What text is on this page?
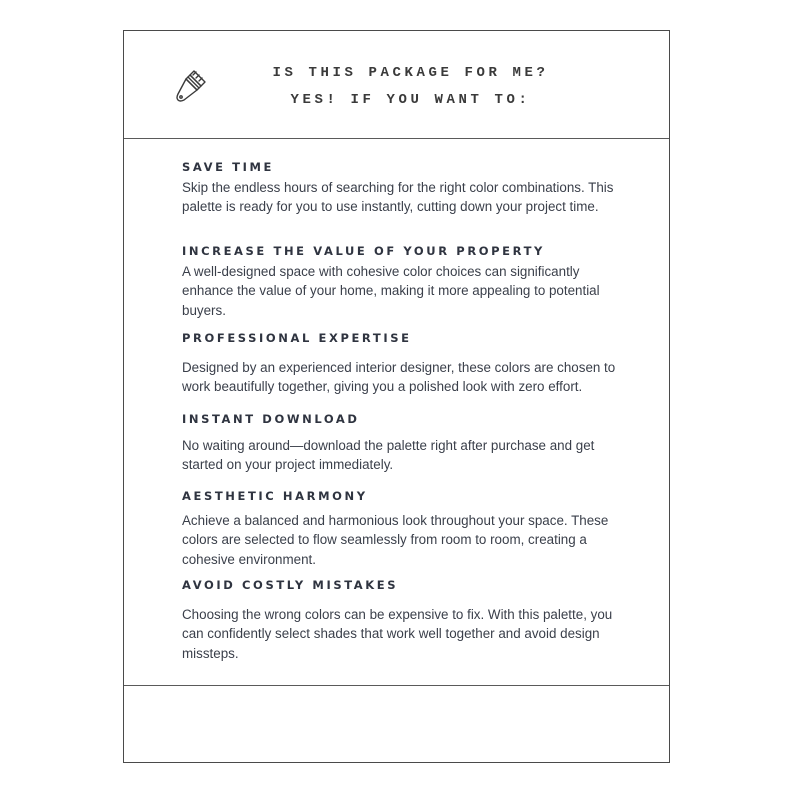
IS THIS PACKAGE FOR ME?
YES! IF YOU WANT TO:
SAVE TIME
Skip the endless hours of searching for the right color combinations. This palette is ready for you to use instantly, cutting down your project time.
INCREASE THE VALUE OF YOUR PROPERTY
A well-designed space with cohesive color choices can significantly enhance the value of your home, making it more appealing to potential buyers.
PROFESSIONAL EXPERTISE
Designed by an experienced interior designer, these colors are chosen to work beautifully together, giving you a polished look with zero effort.
INSTANT DOWNLOAD
No waiting around—download the palette right after purchase and get started on your project immediately.
AESTHETIC HARMONY
Achieve a balanced and harmonious look throughout your space. These colors are selected to flow seamlessly from room to room, creating a cohesive environment.
AVOID COSTLY MISTAKES
Choosing the wrong colors can be expensive to fix. With this palette, you can confidently select shades that work well together and avoid design missteps.
